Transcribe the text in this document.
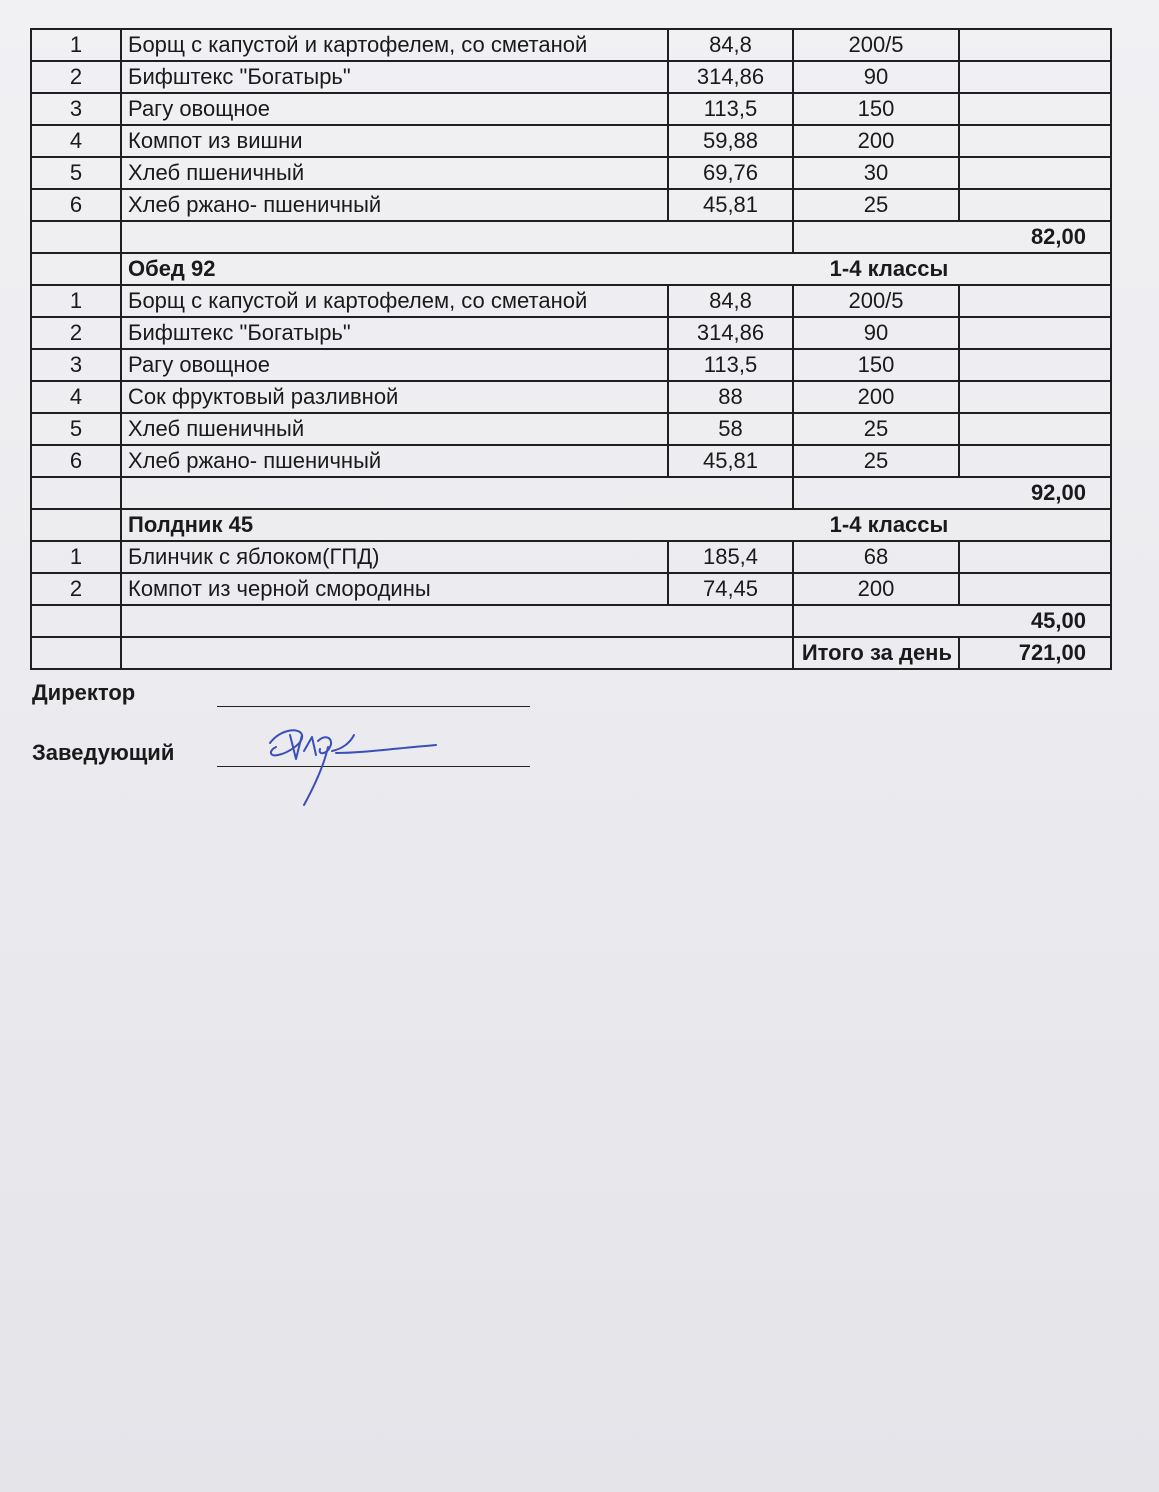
1	Борщ с капустой и картофелем, со сметаной	84,8	200/5	
2	Бифштекс "Богатырь"	314,86	90	
3	Рагу овощное	113,5	150	
4	Компот из вишни	59,88	200	
5	Хлеб пшеничный	69,76	30	
6	Хлеб ржано- пшеничный	45,81	25	
			82,00	
	Обед 92	1-4 классы		
1	Борщ с капустой и картофелем, со сметаной	84,8	200/5	
2	Бифштекс "Богатырь"	314,86	90	
3	Рагу овощное	113,5	150	
4	Сок фруктовый разливной	88	200	
5	Хлеб пшеничный	58	25	
6	Хлеб ржано- пшеничный	45,81	25	
			92,00	
	Полдник 45	1-4 классы		
1	Блинчик с яблоком(ГПД)	185,4	68	
2	Компот из черной смородины	74,45	200	
			45,00	
			Итого за день	721,00
Директор
Заведующий
